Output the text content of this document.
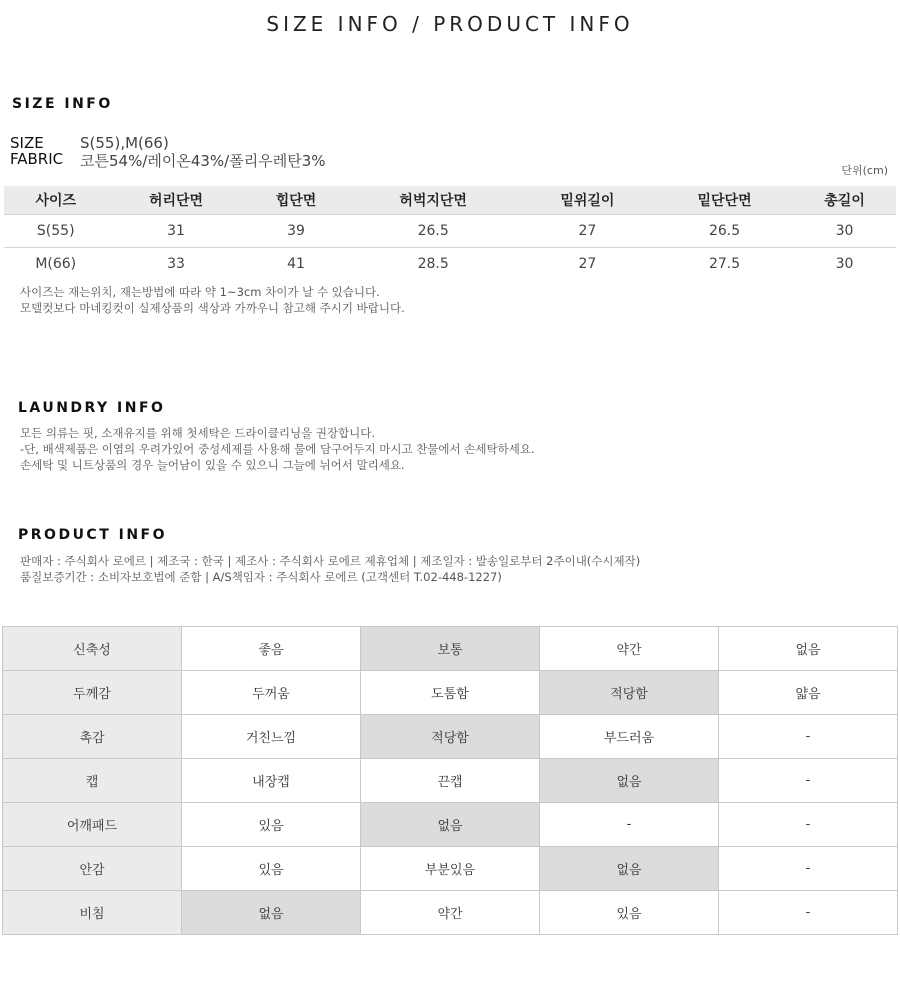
SIZE INFO / PRODUCT INFO
SIZE INFO
SIZE S(55),M(66)
FABRIC 코튼54%/레이온43%/폴리우레탄3%
단위(cm)
사이즈	허리단면	힙단면	허벅지단면	밑위길이	밑단단면	총길이
S(55)	31	39	26.5	27	26.5	30
M(66)	33	41	28.5	27	27.5	30
사이즈는 재는위치, 재는방법에 따라 약 1~3cm 차이가 날 수 있습니다.
모델컷보다 마네킹컷이 실제상품의 색상과 가까우니 참고해 주시기 바랍니다.
LAUNDRY INFO
모든 의류는 핏, 소재유지를 위해 첫세탁은 드라이클리닝을 권장합니다.
-단, 배색제품은 이염의 우려가있어 중성세제를 사용해 물에 담구어두지 마시고 찬물에서 손세탁하세요.
손세탁 및 니트상품의 경우 늘어남이 있을 수 있으니 그늘에 뉘어서 말리세요.
PRODUCT INFO
판매자 : 주식회사 로에르 | 제조국 : 한국 | 제조사 : 주식회사 로에르 제휴업체 | 제조일자 : 발송일로부터 2주이내(수시제작)
품질보증기간 : 소비자보호법에 준함 | A/S책임자 : 주식회사 로에르 (고객센터 T.02-448-1227)
신축성	좋음	보통	약간	없음
두께감	두꺼움	도톰함	적당함	얇음
촉감	거친느낌	적당함	부드러움	-
캡	내장캡	끈캡	없음	-
어깨패드	있음	없음	-	-
안감	있음	부분있음	없음	-
비침	없음	약간	있음	-
